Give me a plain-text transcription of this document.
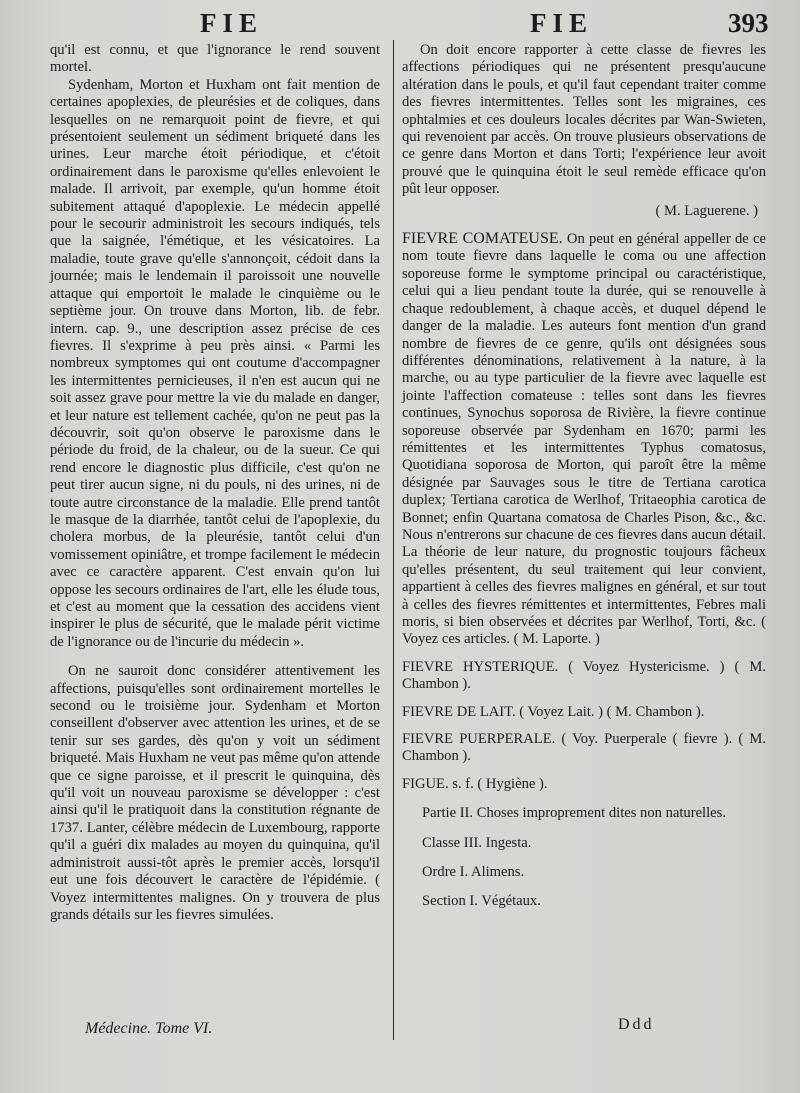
FIE	FIE	393

qu'il est connu, et que l'ignorance le rend souvent mortel.

Sydenham, Morton et Huxham ont fait mention de certaines apoplexies, de pleurésies et de coliques, dans lesquelles on ne remarquoit point de fievre, et qui présentoient seulement un sédiment briqueté dans les urines. Leur marche étoit périodique, et c'étoit ordinairement dans le paroxisme qu'elles enlevoient le malade. Il arrivoit, par exemple, qu'un homme étoit subitement attaqué d'apoplexie. Le médecin appellé pour le secourir administroit les secours indiqués, tels que la saignée, l'émétique, et les vésicatoires. La maladie, toute grave qu'elle s'annonçoit, cédoit dans la journée; mais le lendemain il paroissoit une nouvelle attaque qui emportoit le malade le cinquième ou le septième jour. On trouve dans Morton, lib. de febr. intern. cap. 9., une description assez précise de ces fievres. Il s'exprime à peu près ainsi. « Parmi les nombreux symptomes qui ont coutume d'accompagner les intermittentes pernicieuses, il n'en est aucun qui ne soit assez grave pour mettre la vie du malade en danger, et leur nature est tellement cachée, qu'on ne peut pas la découvrir, soit qu'on observe le paroxisme dans le période du froid, de la chaleur, ou de la sueur. Ce qui rend encore le diagnostic plus difficile, c'est qu'on ne peut tirer aucun signe, ni du pouls, ni des urines, ni de toute autre circonstance de la maladie. Elle prend tantôt le masque de la diarrhée, tantôt celui de l'apoplexie, du cholera morbus, de la pleurésie, tantôt celui d'un vomissement opiniâtre, et trompe facilement le médecin avec ce caractère apparent. C'est envain qu'on lui oppose les secours ordinaires de l'art, elle les élude tous, et c'est au moment que la cessation des accidens vient inspirer le plus de sécurité, que le malade périt victime de l'ignorance ou de l'incurie du médecin ».

On ne sauroit donc considérer attentivement les affections, puisqu'elles sont ordinairement mortelles le second ou le troisième jour. Sydenham et Morton conseillent d'observer avec attention les urines, et de se tenir sur ses gardes, dès qu'on y voit un sédiment briqueté. Mais Huxham ne veut pas même qu'on attende que ce signe paroisse, et il prescrit le quinquina, dès qu'il voit un nouveau paroxisme se développer : c'est ainsi qu'il le pratiquoit dans la constitution régnante de 1737. Lanter, célèbre médecin de Luxembourg, rapporte qu'il a guéri dix malades au moyen du quinquina, qu'il administroit aussi-tôt après le premier accès, lorsqu'il eut une fois découvert le caractère de l'épidémie. ( Voyez intermittentes malignes. On y trouvera de plus grands détails sur les fievres simulées.

On doit encore rapporter à cette classe de fievres les affections périodiques qui ne présentent presqu'aucune altération dans le pouls, et qu'il faut cependant traiter comme des fievres intermittentes. Telles sont les migraines, ces ophtalmies et ces douleurs locales décrites par Wan-Swieten, qui revenoient par accès. On trouve plusieurs observations de ce genre dans Morton et dans Torti; l'expérience leur avoit prouvé que le quinquina étoit le seul remède efficace qu'on pût leur opposer.

( M. Laguerene. )

FIEVRE COMATEUSE. On peut en général appeller de ce nom toute fievre dans laquelle le coma ou une affection soporeuse forme le symptome principal ou caractéristique, celui qui a lieu pendant toute la durée, qui se renouvelle à chaque redoublement, à chaque accès, et duquel dépend le danger de la maladie. Les auteurs font mention d'un grand nombre de fievres de ce genre, qu'ils ont désignées sous différentes dénominations, relativement à la nature, à la marche, ou au type particulier de la fievre avec laquelle est jointe l'affection comateuse : telles sont dans les fievres continues, Synochus soporosa de Rivière, la fievre continue soporeuse observée par Sydenham en 1670; parmi les rémittentes et les intermittentes Typhus comatosus, Quotidiana soporosa de Morton, qui paroît être la même désignée par Sauvages sous le titre de Tertiana carotica duplex; Tertiana carotica de Werlhof, Tritaeophia carotica de Bonnet; enfin Quartana comatosa de Charles Pison, &c., &c. Nous n'entrerons sur chacune de ces fievres dans aucun détail. La théorie de leur nature, du prognostic toujours fâcheux qu'elles présentent, du seul traitement qui leur convient, appartient à celles des fievres malignes en général, et sur tout à celles des fievres rémittentes et intermittentes, Febres mali moris, si bien observées et décrites par Werlhof, Torti, &c. ( Voyez ces articles. ( M. Laporte. )

FIEVRE HYSTERIQUE. ( Voyez Hystericisme. ) ( M. Chambon ).

FIEVRE DE LAIT. ( Voyez Lait. ) ( M. Chambon ).

FIEVRE PUERPERALE. ( Voy. Puerperale ( fievre ). ( M. Chambon ).

FIGUE. s. f. ( Hygiène ).

Partie II. Choses improprement dites non naturelles.

Classe III. Ingesta.

Ordre I. Alimens.

Section I. Végétaux.

Médecine. Tome VI.	Ddd
